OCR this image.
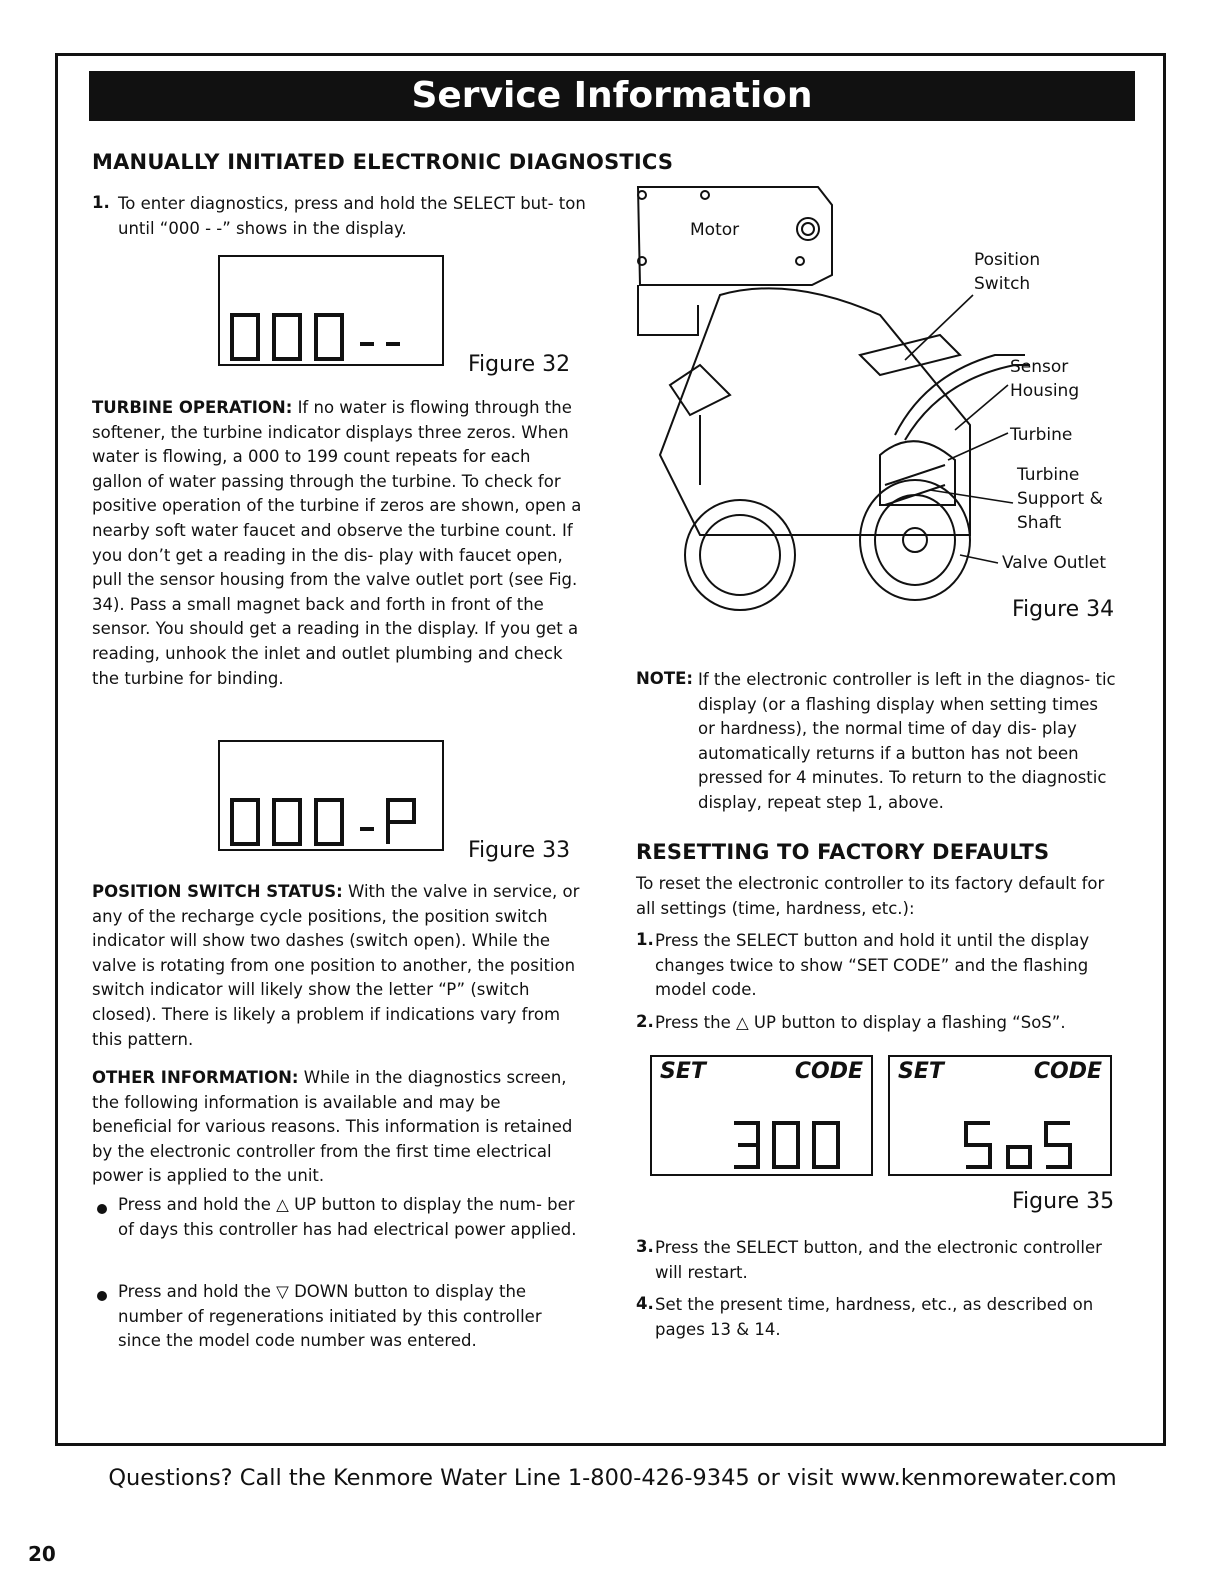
Service Information
MANUALLY INITIATED ELECTRONIC DIAGNOSTICS
1. To enter diagnostics, press and hold the SELECT but- ton until “000 - -” shows in the display.

Figure 32

TURBINE OPERATION: If no water is flowing through the softener, the turbine indicator displays three zeros. When water is flowing, a 000 to 199 count repeats for each gallon of water passing through the turbine. To check for positive operation of the turbine if zeros are shown, open a nearby soft water faucet and observe the turbine count. If you don’t get a reading in the dis- play with faucet open, pull the sensor housing from the valve outlet port (see Fig. 34). Pass a small magnet back and forth in front of the sensor. You should get a reading in the display. If you get a reading, unhook the inlet and outlet plumbing and check the turbine for binding.

Figure 33

POSITION SWITCH STATUS: With the valve in service, or any of the recharge cycle positions, the position switch indicator will show two dashes (switch open). While the valve is rotating from one position to another, the position switch indicator will likely show the letter “P” (switch closed). There is likely a problem if indications vary from this pattern.

OTHER INFORMATION: While in the diagnostics screen, the following information is available and may be beneficial for various reasons. This information is retained by the electronic controller from the first time electrical power is applied to the unit.

Press and hold the △ UP button to display the num- ber of days this controller has had electrical power applied.

Press and hold the ▽ DOWN button to display the number of regenerations initiated by this controller since the model code number was entered.

Motor
Position Switch
Sensor Housing
Turbine
Turbine Support & Shaft
Valve Outlet
Figure 34
NOTE: If the electronic controller is left in the diagnos- tic display (or a flashing display when setting times or hardness), the normal time of day dis- play automatically returns if a button has not been pressed for 4 minutes. To return to the diagnostic display, repeat step 1, above.

RESETTING TO FACTORY DEFAULTS

To reset the electronic controller to its factory default for all settings (time, hardness, etc.):

1. Press the SELECT button and hold it until the display changes twice to show “SET CODE” and the flashing model code.

2. Press the △ UP button to display a flashing “SoS”.

SET	CODE SET	CODE
Figure 35
3. Press the SELECT button, and the electronic controller will restart.

4. Set the present time, hardness, etc., as described on pages 13 & 14.

Questions? Call the Kenmore Water Line 1-800-426-9345 or visit www.kenmorewater.com
20
